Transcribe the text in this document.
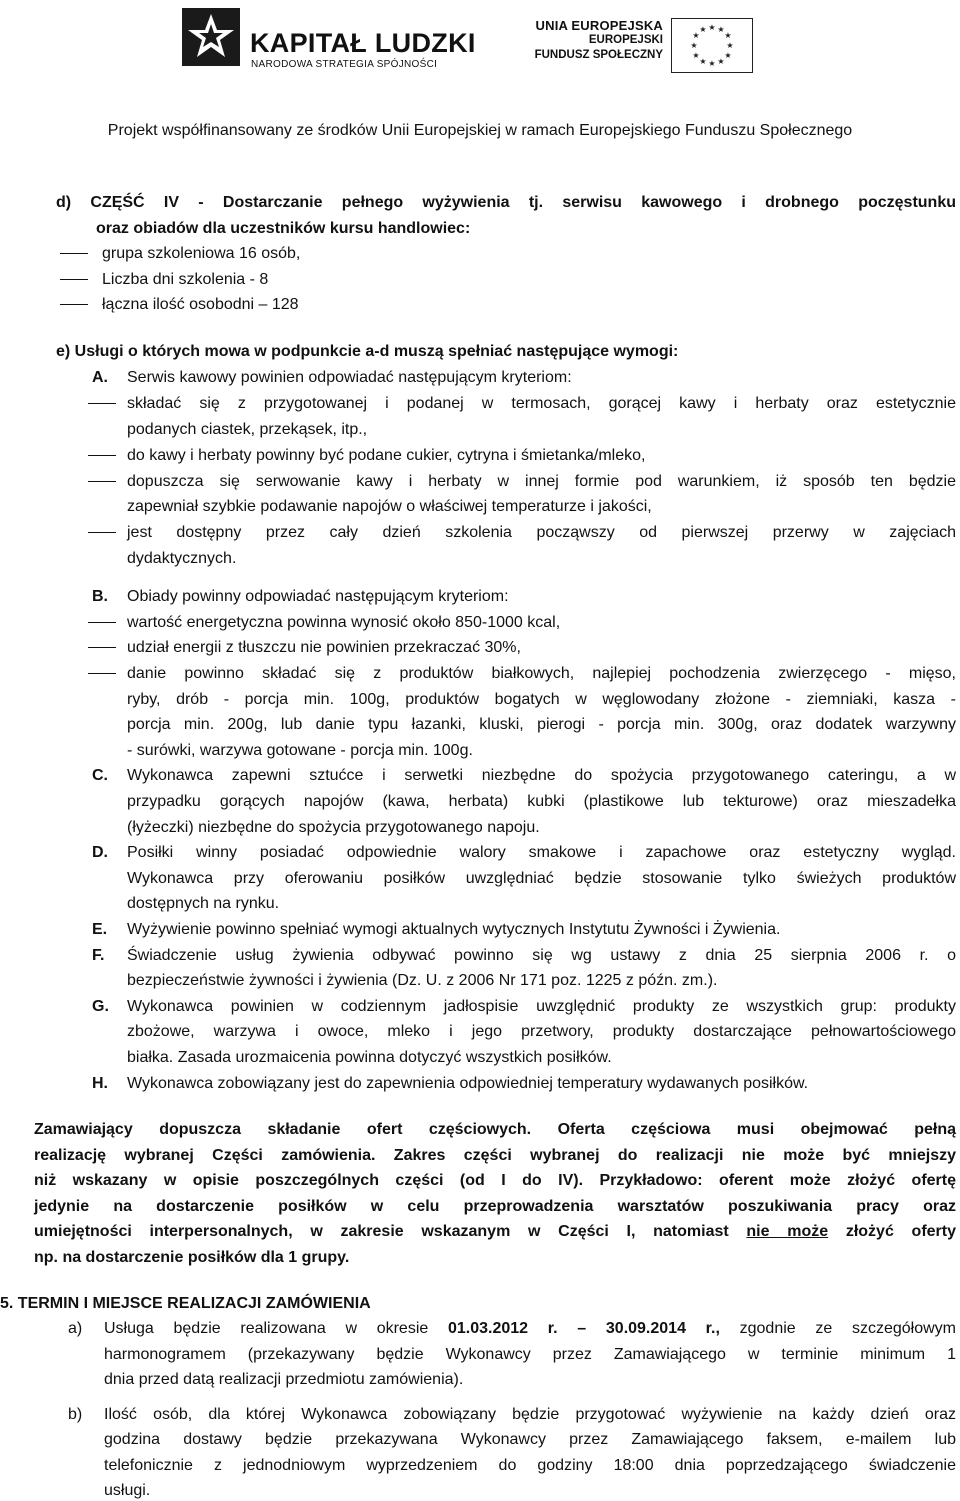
KAPITAŁ LUDZKI
NARODOWA STRATEGIA SPÓJNOŚCI
UNIA EUROPEJSKA
EUROPEJSKI
FUNDUSZ SPOŁECZNY
★ ★
★
★
★
★
★
★
★
★
★
★
Projekt współfinansowany ze środków Unii Europejskiej w ramach Europejskiego Funduszu Społecznego
d) CZĘŚĆ IV - Dostarczanie pełnego wyżywienia tj. serwisu kawowego i drobnego poczęstunku
oraz obiadów dla uczestników kursu handlowiec:
grupa szkoleniowa 16 osób,
Liczba dni szkolenia - 8
łączna ilość osobodni – 128
e) Usługi o których mowa w podpunkcie a-d muszą spełniać następujące wymogi:
A. Serwis kawowy powinien odpowiadać następującym kryteriom:
składać się z przygotowanej i podanej w termosach, gorącej kawy i herbaty oraz estetycznie
podanych ciastek, przekąsek, itp.,
do kawy i herbaty powinny być podane cukier, cytryna i śmietanka/mleko,
dopuszcza się serwowanie kawy i herbaty w innej formie pod warunkiem, iż sposób ten będzie
zapewniał szybkie podawanie napojów o właściwej temperaturze i jakości,
jest dostępny przez cały dzień szkolenia począwszy od pierwszej przerwy w zajęciach
dydaktycznych.
B. Obiady powinny odpowiadać następującym kryteriom:
wartość energetyczna powinna wynosić około 850-1000 kcal,
udział energii z tłuszczu nie powinien przekraczać 30%,
danie powinno składać się z produktów białkowych, najlepiej pochodzenia zwierzęcego - mięso,
ryby, drób - porcja min. 100g, produktów bogatych w węglowodany złożone - ziemniaki, kasza -
porcja min. 200g, lub danie typu łazanki, kluski, pierogi - porcja min. 300g, oraz dodatek warzywny
- surówki, warzywa gotowane - porcja min. 100g.
C. Wykonawca zapewni sztućce i serwetki niezbędne do spożycia przygotowanego cateringu, a w
przypadku gorących napojów (kawa, herbata) kubki (plastikowe lub tekturowe) oraz mieszadełka
(łyżeczki) niezbędne do spożycia przygotowanego napoju.
D. Posiłki winny posiadać odpowiednie walory smakowe i zapachowe oraz estetyczny wygląd.
Wykonawca przy oferowaniu posiłków uwzględniać będzie stosowanie tylko świeżych produktów
dostępnych na rynku.
E. Wyżywienie powinno spełniać wymogi aktualnych wytycznych Instytutu Żywności i Żywienia.
F. Świadczenie usług żywienia odbywać powinno się wg ustawy z dnia 25 sierpnia 2006 r. o
bezpieczeństwie żywności i żywienia (Dz. U. z 2006 Nr 171 poz. 1225 z późn. zm.).
G. Wykonawca powinien w codziennym jadłospisie uwzględnić produkty ze wszystkich grup: produkty
zbożowe, warzywa i owoce, mleko i jego przetwory, produkty dostarczające pełnowartościowego
białka. Zasada urozmaicenia powinna dotyczyć wszystkich posiłków.
H. Wykonawca zobowiązany jest do zapewnienia odpowiedniej temperatury wydawanych posiłków.
Zamawiający dopuszcza składanie ofert częściowych. Oferta częściowa musi obejmować pełną
realizację wybranej Części zamówienia. Zakres części wybranej do realizacji nie może być mniejszy
niż wskazany w opisie poszczególnych części (od I do IV). Przykładowo: oferent może złożyć ofertę
jedynie na dostarczenie posiłków w celu przeprowadzenia warsztatów poszukiwania pracy oraz
umiejętności interpersonalnych, w zakresie wskazanym w Części I, natomiast nie może złożyć oferty
np. na dostarczenie posiłków dla 1 grupy.
5. TERMIN I MIEJSCE REALIZACJI ZAMÓWIENIA
a) Usługa będzie realizowana w okresie 01.03.2012 r. – 30.09.2014 r., zgodnie ze szczegółowym
harmonogramem (przekazywany będzie Wykonawcy przez Zamawiającego w terminie minimum 1
dnia przed datą realizacji przedmiotu zamówienia).
b) Ilość osób, dla której Wykonawca zobowiązany będzie przygotować wyżywienie na każdy dzień oraz
godzina dostawy będzie przekazywana Wykonawcy przez Zamawiającego faksem, e-mailem lub
telefonicznie z jednodniowym wyprzedzeniem do godziny 18:00 dnia poprzedzającego świadczenie
usługi.
